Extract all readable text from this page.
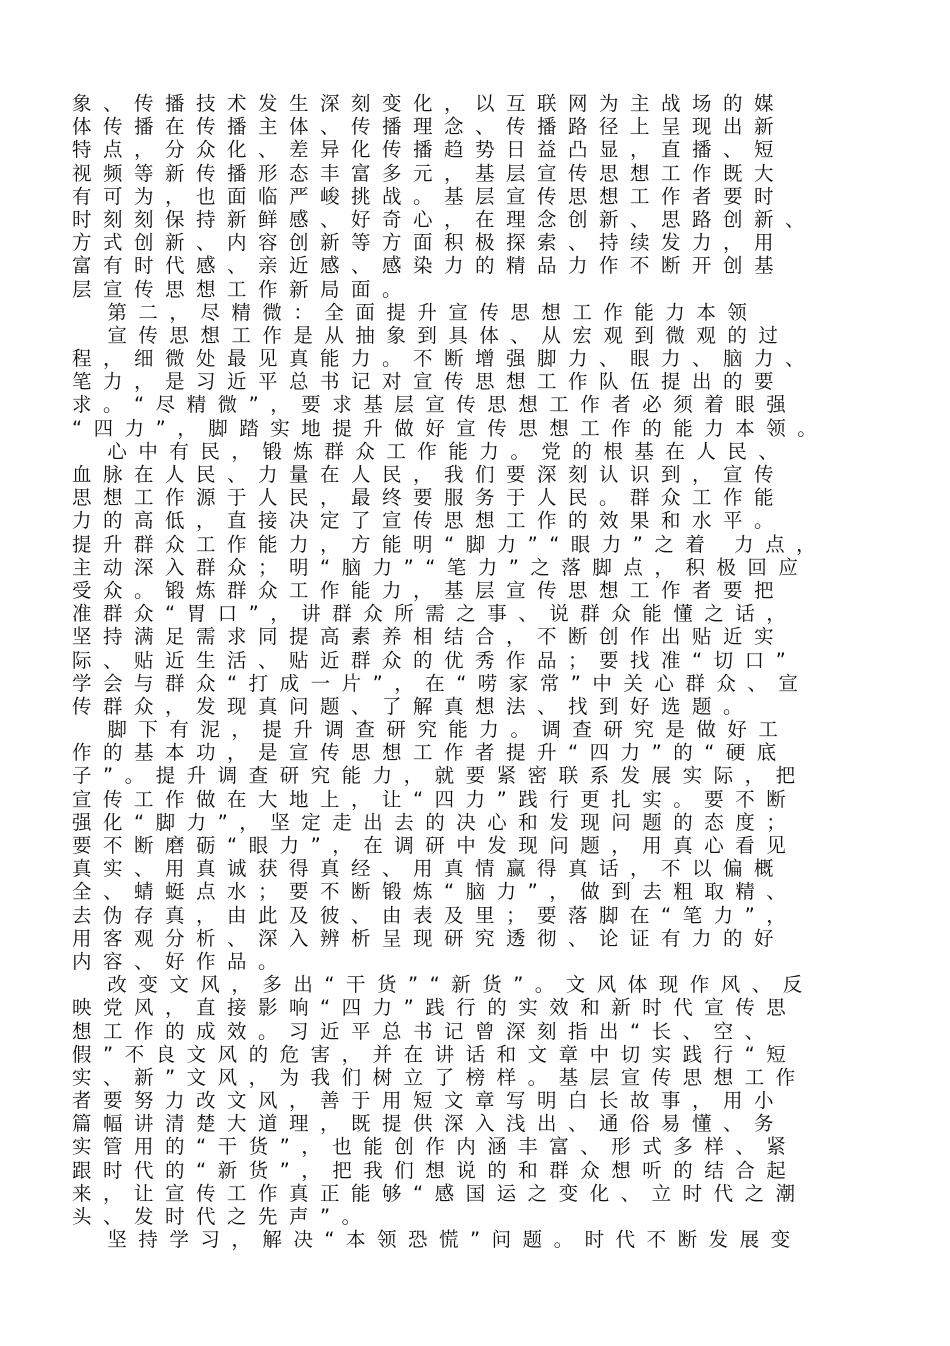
象、传播技术发生深刻变化，以互联网为主战场的媒
体传播在传播主体、传播理念、传播路径上呈现出新
特点，分众化、差异化传播趋势日益凸显，直播、短
视频等新传播形态丰富多元，基层宣传思想工作既大
有可为，也面临严峻挑战。基层宣传思想工作者要时
时刻刻保持新鲜感、好奇心，在理念创新、思路创新、
方式创新、内容创新等方面积极探索、持续发力，用
富有时代感、亲近感、感染力的精品力作不断开创基
层宣传思想工作新局面。
第二，尽精微：全面提升宣传思想工作能力本领
宣传思想工作是从抽象到具体、从宏观到微观的过
程，细微处最见真能力。不断增强脚力、眼力、脑力、
笔力，是习近平总书记对宣传思想工作队伍提出的要
求。“尽精微”，要求基层宣传思想工作者必须着眼强
“四力”，脚踏实地提升做好宣传思想工作的能力本领。
心中有民，锻炼群众工作能力。党的根基在人民、
血脉在人民、力量在人民，我们要深刻认识到，宣传
思想工作源于人民，最终要服务于人民。群众工作能
力的高低，直接决定了宣传思想工作的效果和水平。
提升群众工作能力，方能明“脚力”“眼力”之着 力点，
主动深入群众；明“脑力”“笔力”之落脚点，积极回应
受众。锻炼群众工作能力，基层宣传思想工作者要把
准群众“胃口”，讲群众所需之事、说群众能懂之话，
坚持满足需求同提高素养相结合，不断创作出贴近实
际、贴近生活、贴近群众的优秀作品；要找准“切口”
学会与群众“打成一片”，在“唠家常”中关心群众、宣
传群众，发现真问题、了解真想法、找到好选题。
脚下有泥，提升调查研究能力。调查研究是做好工
作的基本功，是宣传思想工作者提升“四力”的“硬底
子”。提升调查研究能力，就要紧密联系发展实际，把
宣传工作做在大地上，让“四力”践行更扎实。要不断
强化“脚力”，坚定走出去的决心和发现问题的态度；
要不断磨砺“眼力”，在调研中发现问题，用真心看见
真实、用真诚获得真经、用真情赢得真话，不以偏概
全、蜻蜓点水；要不断锻炼“脑力”，做到去粗取精、
去伪存真，由此及彼、由表及里；要落脚在“笔力”，
用客观分析、深入辨析呈现研究透彻、论证有力的好
内容、好作品。
改变文风，多出“干货”“新货”。文风体现作风、反
映党风，直接影响“四力”践行的实效和新时代宣传思
想工作的成效。习近平总书记曾深刻指出“长、空、
假”不良文风的危害，并在讲话和文章中切实践行“短
实、新”文风，为我们树立了榜样。基层宣传思想工作
者要努力改文风，善于用短文章写明白长故事，用小
篇幅讲清楚大道理，既提供深入浅出、通俗易懂、务
实管用的“干货”，也能创作内涵丰富、形式多样、紧
跟时代的“新货”，把我们想说的和群众想听的结合起
来，让宣传工作真正能够“感国运之变化、立时代之潮
头、发时代之先声”。
坚持学习，解决“本领恐慌”问题。时代不断发展变
